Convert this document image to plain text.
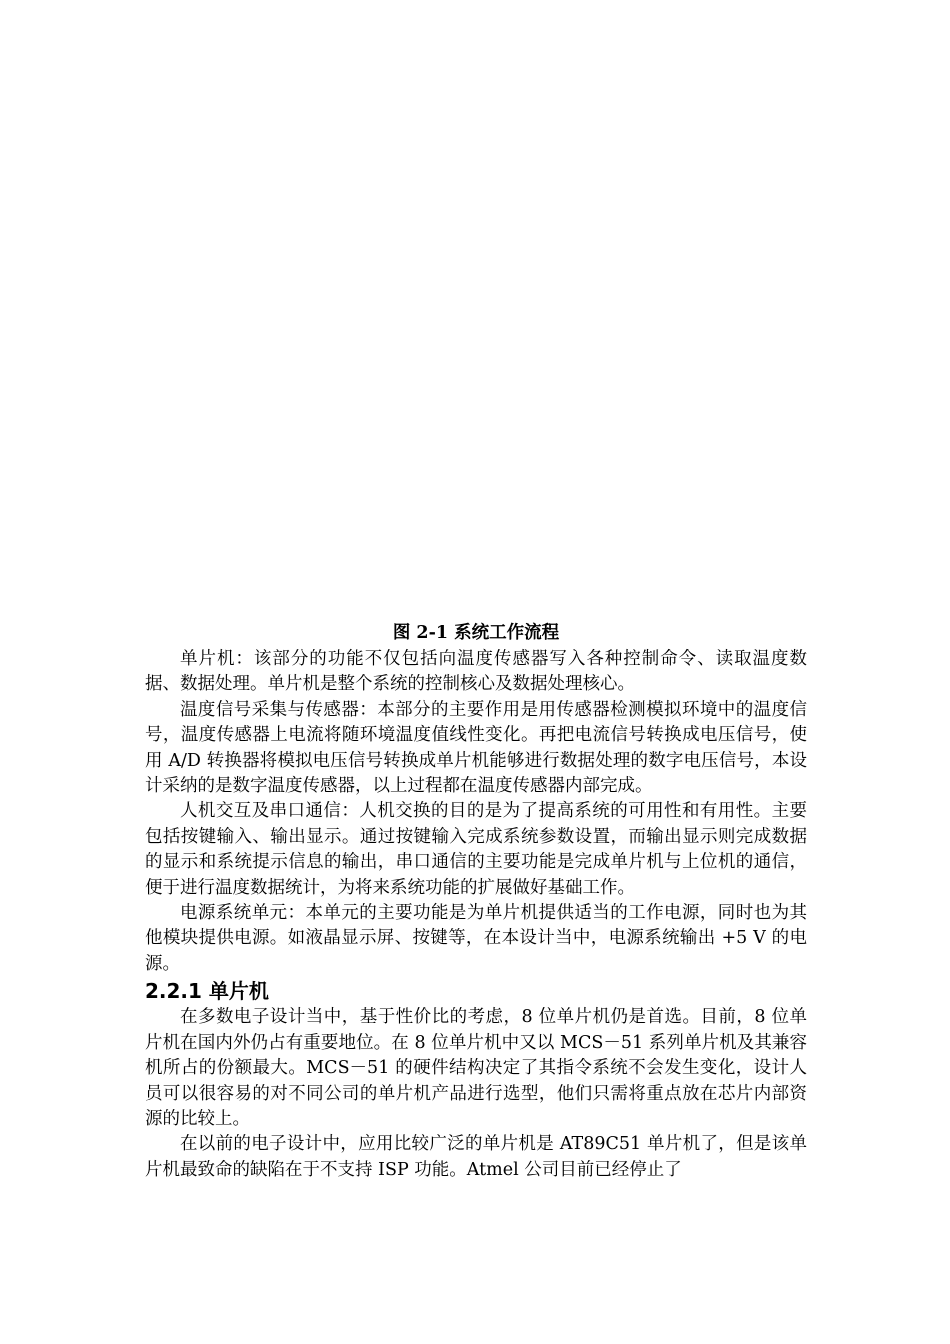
图 2-1 系统工作流程

单片机：该部分的功能不仅包括向温度传感器写入各种控制命令、读取温度数据、数据处理。单片机是整个系统的控制核心及数据处理核心。

温度信号采集与传感器：本部分的主要作用是用传感器检测模拟环境中的温度信号，温度传感器上电流将随环境温度值线性变化。再把电流信号转换成电压信号，使用 A/D 转换器将模拟电压信号转换成单片机能够进行数据处理的数字电压信号，本设计采纳的是数字温度传感器，以上过程都在温度传感器内部完成。

人机交互及串口通信：人机交换的目的是为了提高系统的可用性和有用性。主要包括按键输入、输出显示。通过按键输入完成系统参数设置，而输出显示则完成数据的显示和系统提示信息的输出，串口通信的主要功能是完成单片机与上位机的通信，便于进行温度数据统计，为将来系统功能的扩展做好基础工作。

电源系统单元：本单元的主要功能是为单片机提供适当的工作电源，同时也为其他模块提供电源。如液晶显示屏、按键等，在本设计当中，电源系统输出 +5 V 的电源。

2.2.1 单片机

在多数电子设计当中，基于性价比的考虑，8 位单片机仍是首选。目前，8 位单片机在国内外仍占有重要地位。在 8 位单片机中又以 MCS－51 系列单片机及其兼容机所占的份额最大。MCS－51 的硬件结构决定了其指令系统不会发生变化，设计人员可以很容易的对不同公司的单片机产品进行选型，他们只需将重点放在芯片内部资源的比较上。

在以前的电子设计中，应用比较广泛的单片机是 AT89C51 单片机了，但是该单片机最致命的缺陷在于不支持 ISP 功能。Atmel 公司目前已经停止了
